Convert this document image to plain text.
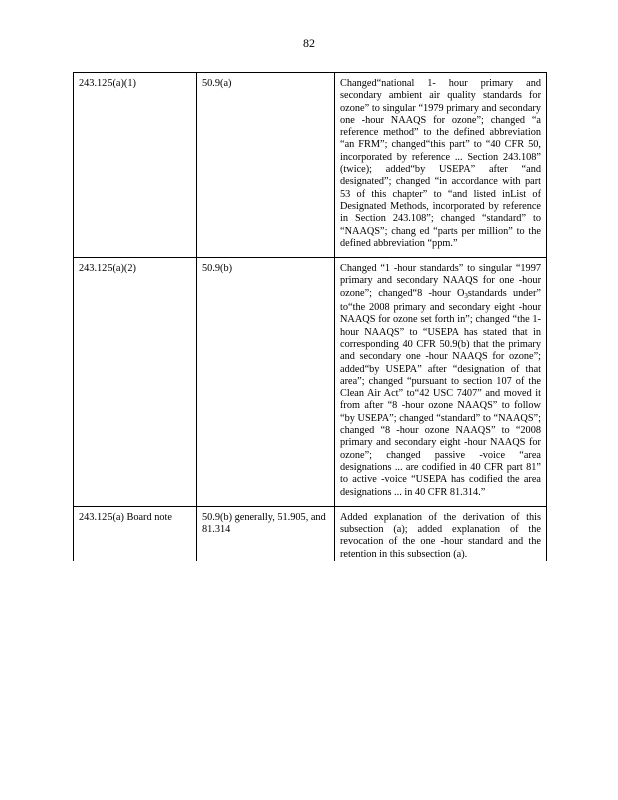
82
243.125(a)(1)	50.9(a)	Changed“national 1- hour primary and secondary ambient air quality standards for ozone” to singular “1979 primary and secondary one -hour NAAQS for ozone”; changed “a reference method” to the defined abbreviation “an FRM”; changed“this part” to “40 CFR 50, incorporated by reference ... Section 243.108” (twice); added“by USEPA” after “and designated”; changed “in accordance with part 53 of this chapter” to “and listed inList of Designated Methods, incorporated by reference in Section 243.108”; changed “standard” to “NAAQS”; chang ed “parts per million” to the defined abbreviation “ppm.”
243.125(a)(2)	50.9(b)	Changed “1 -hour standards” to singular “1997 primary and secondary NAAQS for one -hour ozone”; changed“8 -hour $O_3standards$ under” to“the 2008 primary and secondary eight -hour NAAQS for ozone set forth in”; changed “the 1-hour NAAQS” to “USEPA has stated that in corresponding 40 CFR 50.9(b) that the primary and secondary one -hour NAAQS for ozone”; added“by USEPA” after “designation of that area”; changed “pursuant to section 107 of the Clean Air Act” to“42 USC 7407” and moved it from after “8 -hour ozone NAAQS” to follow “by USEPA”; changed “standard” to “NAAQS”; changed “8 -hour ozone NAAQS” to “2008 primary and secondary eight -hour NAAQS for ozone”; changed passive -voice “area designations ... are codified in 40 CFR part 81” to active -voice “USEPA has codified the area designations ... in 40 CFR 81.314.”
243.125(a) Board note	50.9(b) generally, 51.905, and 81.314	Added explanation of the derivation of this subsection (a); added explanation of the revocation of the one -hour standard and the retention in this subsection (a).
